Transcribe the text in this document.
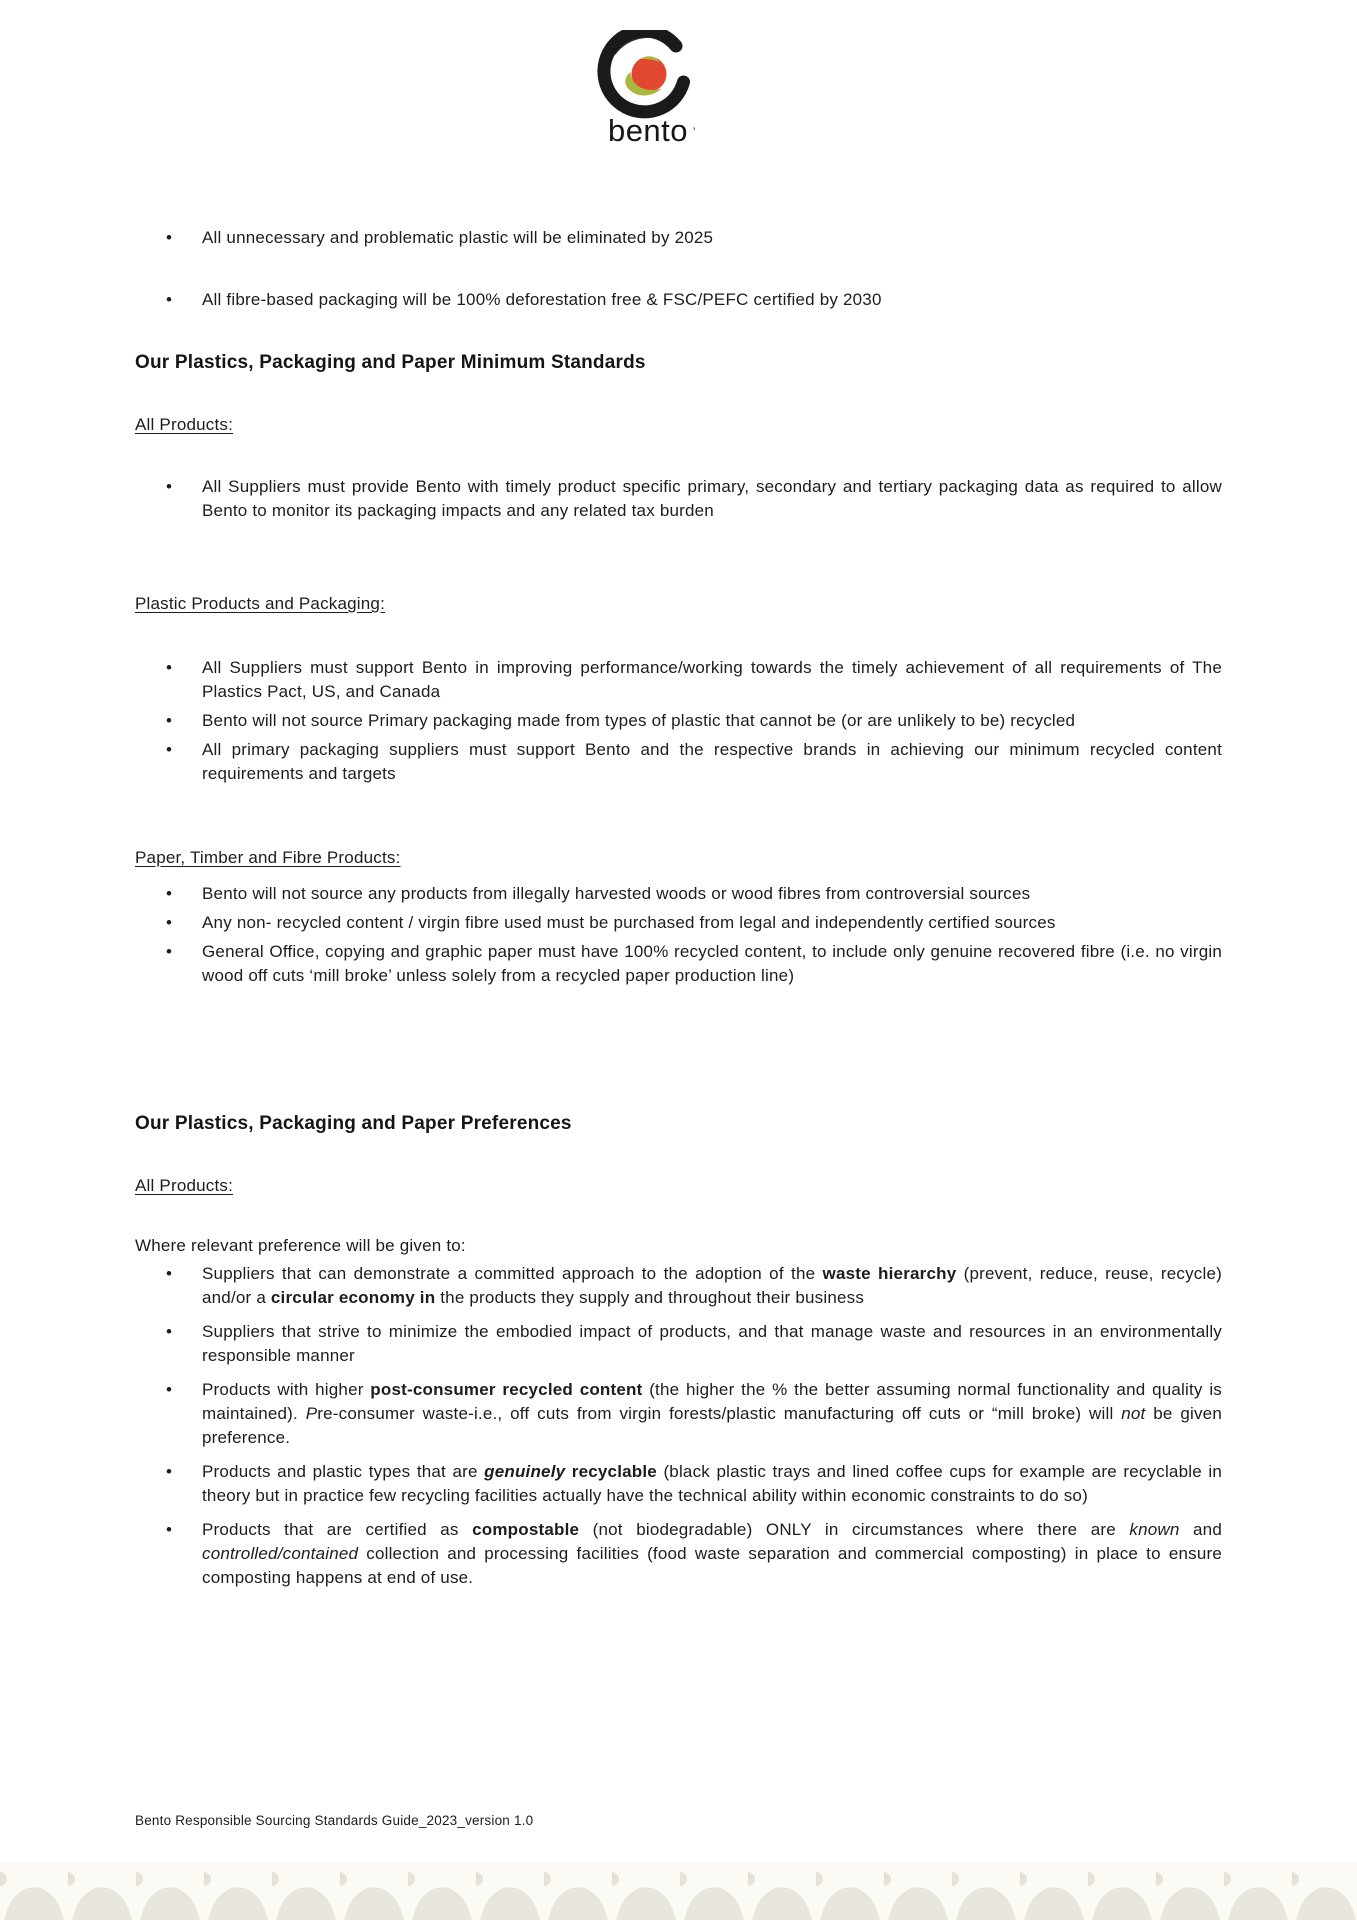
bento ’
• All unnecessary and problematic plastic will be eliminated by 2025
• All fibre-based packaging will be 100% deforestation free & FSC/PEFC certified by 2030
Our Plastics, Packaging and Paper Minimum Standards
All Products:
• All Suppliers must provide Bento with timely product specific primary, secondary and tertiary packaging data as required to allow Bento to monitor its packaging impacts and any related tax burden
Plastic Products and Packaging:
• All Suppliers must support Bento in improving performance/working towards the timely achievement of all requirements of The Plastics Pact, US, and Canada
• Bento will not source Primary packaging made from types of plastic that cannot be (or are unlikely to be) recycled
• All primary packaging suppliers must support Bento and the respective brands in achieving our minimum recycled content requirements and targets
Paper, Timber and Fibre Products:
• Bento will not source any products from illegally harvested woods or wood fibres from controversial sources
• Any non- recycled content / virgin fibre used must be purchased from legal and independently certified sources
• General Office, copying and graphic paper must have 100% recycled content, to include only genuine recovered fibre (i.e. no virgin wood off cuts ‘mill broke’ unless solely from a recycled paper production line)
Our Plastics, Packaging and Paper Preferences
All Products:
Where relevant preference will be given to:
• Suppliers that can demonstrate a committed approach to the adoption of the waste hierarchy (prevent, reduce, reuse, recycle) and/or a circular economy in the products they supply and throughout their business
• Suppliers that strive to minimize the embodied impact of products, and that manage waste and resources in an environmentally responsible manner
• Products with higher post-consumer recycled content (the higher the % the better assuming normal functionality and quality is maintained). Pre-consumer waste-i.e., off cuts from virgin forests/plastic manufacturing off cuts or “mill broke) will not be given preference.
• Products and plastic types that are genuinely recyclable (black plastic trays and lined coffee cups for example are recyclable in theory but in practice few recycling facilities actually have the technical ability within economic constraints to do so)
• Products that are certified as compostable (not biodegradable) ONLY in circumstances where there are known and controlled/contained collection and processing facilities (food waste separation and commercial composting) in place to ensure composting happens at end of use.
Bento Responsible Sourcing Standards Guide_2023_version 1.0
